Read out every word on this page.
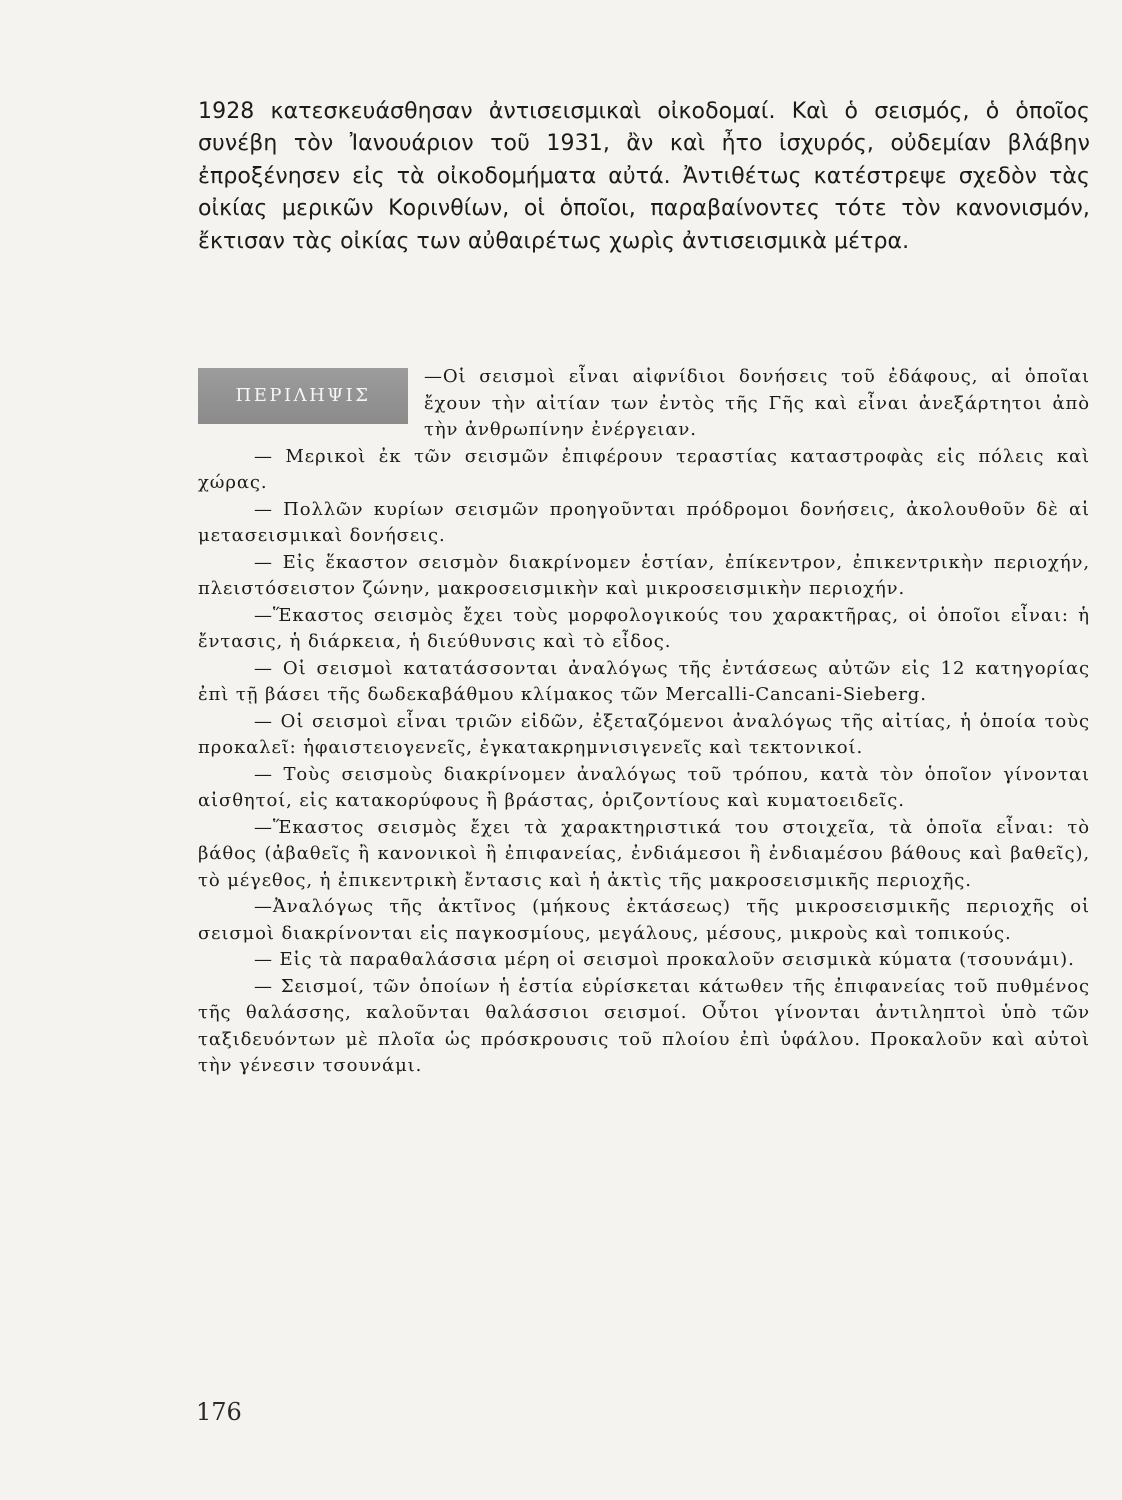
1928 κατεσκευάσθησαν ἀντισεισμικαὶ οἰκοδομαί. Καὶ ὁ σεισμός, ὁ ὁποῖος συνέβη τὸν Ἰανουάριον τοῦ 1931, ἂν καὶ ἦτο ἰσχυρός, οὐδεμίαν βλάβην ἐπροξένησεν εἰς τὰ οἰκοδομήματα αὐτά. Ἀντιθέτως κατέστρεψε σχεδὸν τὰς οἰκίας μερικῶν Κορινθίων, οἱ ὁποῖοι, παραβαίνοντες τότε τὸν κανονισμόν, ἔκτισαν τὰς οἰκίας των αὐθαιρέτως χωρὶς ἀντισεισμικὰ μέτρα.

ΠΕΡΙΛΗΨΙΣ

—Οἱ σεισμοὶ εἶναι αἰφνίδιοι δονήσεις τοῦ ἐδάφους, αἱ ὁποῖαι ἔχουν τὴν αἰτίαν των ἐντὸς τῆς Γῆς καὶ εἶναι ἀνεξάρτητοι ἀπὸ τὴν ἀνθρωπίνην ἐνέργειαν.

— Μερικοὶ ἐκ τῶν σεισμῶν ἐπιφέρουν τεραστίας καταστροφὰς εἰς πόλεις καὶ χώρας.

— Πολλῶν κυρίων σεισμῶν προηγοῦνται πρόδρομοι δονήσεις, ἀκολουθοῦν δὲ αἱ μετασεισμικαὶ δονήσεις.

— Εἰς ἕκαστον σεισμὸν διακρίνομεν ἑστίαν, ἐπίκεντρον, ἐπικεντρικὴν περιοχήν, πλειστόσειστον ζώνην, μακροσεισμικὴν καὶ μικροσεισμικὴν περιοχήν.

—Ἕκαστος σεισμὸς ἔχει τοὺς μορφολογικούς του χαρακτῆρας, οἱ ὁποῖοι εἶναι: ἡ ἔντασις, ἡ διάρκεια, ἡ διεύθυνσις καὶ τὸ εἶδος.

— Οἱ σεισμοὶ κατατάσσονται ἀναλόγως τῆς ἐντάσεως αὐτῶν εἰς 12 κατηγορίας ἐπὶ τῇ βάσει τῆς δωδεκαβάθμου κλίμακος τῶν Mercalli-Cancani-Sieberg.

— Οἱ σεισμοὶ εἶναι τριῶν εἰδῶν, ἐξεταζόμενοι ἀναλόγως τῆς αἰτίας, ἡ ὁποία τοὺς προκαλεῖ: ἡφαιστειογενεῖς, ἐγκατακρημνισιγενεῖς καὶ τεκτονικοί.

— Τοὺς σεισμοὺς διακρίνομεν ἀναλόγως τοῦ τρόπου, κατὰ τὸν ὁποῖον γίνονται αἰσθητοί, εἰς κατακορύφους ἢ βράστας, ὁριζοντίους καὶ κυματοειδεῖς.

—Ἕκαστος σεισμὸς ἔχει τὰ χαρακτηριστικά του στοιχεῖα, τὰ ὁποῖα εἶναι: τὸ βάθος (ἀβαθεῖς ἢ κανονικοὶ ἢ ἐπιφανείας, ἐνδιάμεσοι ἢ ἐνδιαμέσου βάθους καὶ βαθεῖς), τὸ μέγεθος, ἡ ἐπικεντρικὴ ἔντασις καὶ ἡ ἀκτὶς τῆς μακροσεισμικῆς περιοχῆς.

—Ἀναλόγως τῆς ἀκτῖνος (μήκους ἐκτάσεως) τῆς μικροσεισμικῆς περιοχῆς οἱ σεισμοὶ διακρίνονται εἰς παγκοσμίους, μεγάλους, μέσους, μικροὺς καὶ τοπικούς.

— Εἰς τὰ παραθαλάσσια μέρη οἱ σεισμοὶ προκαλοῦν σεισμικὰ κύματα (τσουνάμι).

— Σεισμοί, τῶν ὁποίων ἡ ἑστία εὑρίσκεται κάτωθεν τῆς ἐπιφανείας τοῦ πυθμένος τῆς θαλάσσης, καλοῦνται θαλάσσιοι σεισμοί. Οὗτοι γίνονται ἀντιληπτοὶ ὑπὸ τῶν ταξιδευόντων μὲ πλοῖα ὡς πρόσκρουσις τοῦ πλοίου ἐπὶ ὑφάλου. Προκαλοῦν καὶ αὐτοὶ τὴν γένεσιν τσουνάμι.

176
